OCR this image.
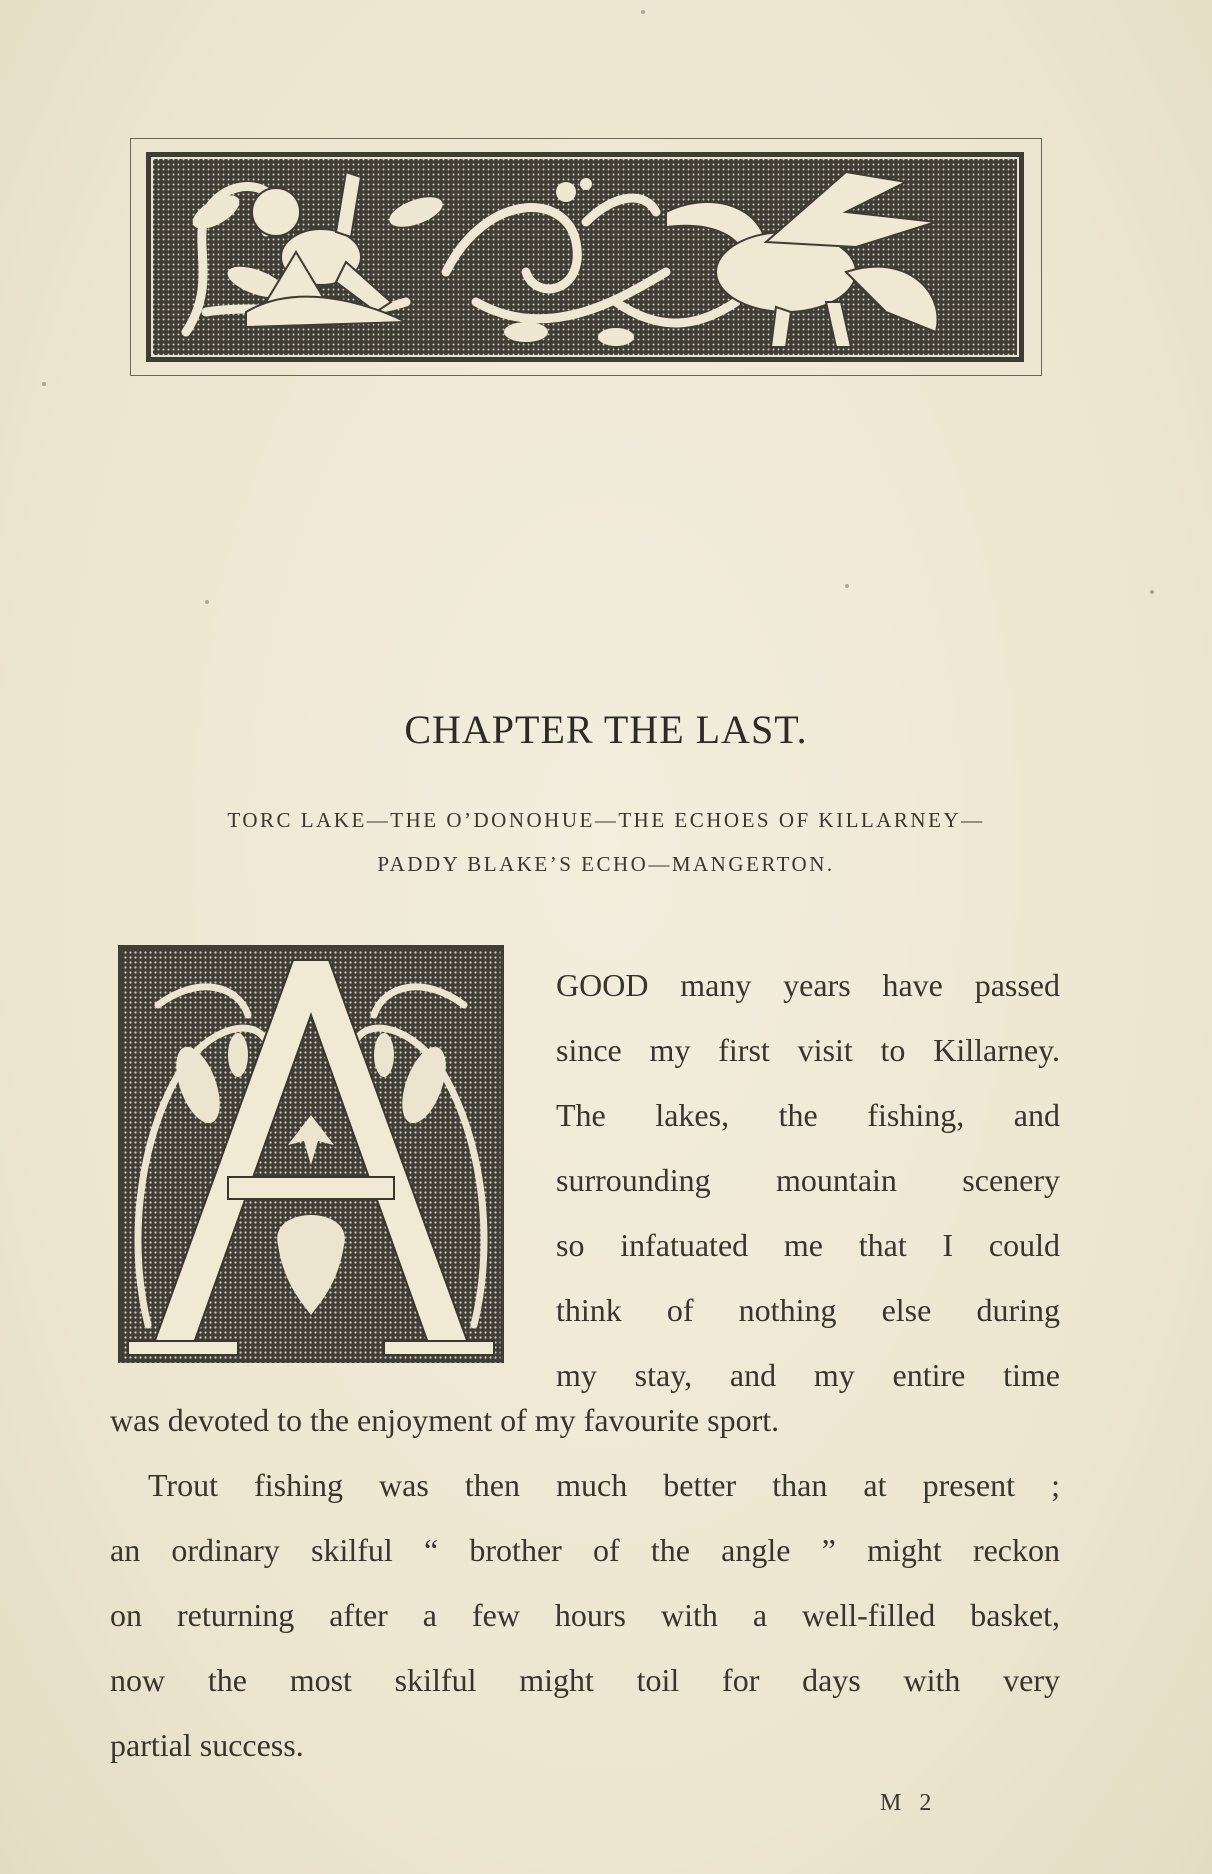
CHAPTER THE LAST.
TORC LAKE—THE O’DONOHUE—THE ECHOES OF KILLARNEY—
PADDY BLAKE’S ECHO—MANGERTON.
GOOD many years have passed
since my first visit to Killarney.
The lakes, the fishing, and
surrounding mountain scenery
so infatuated me that I could
think of nothing else during
my stay, and my entire time
was devoted to the enjoyment of my favourite sport.
Trout fishing was then much better than at present ;
an ordinary skilful “ brother of the angle ” might reckon
on returning after a few hours with a well-filled basket,
now the most skilful might toil for days with very
partial success.
M 2
